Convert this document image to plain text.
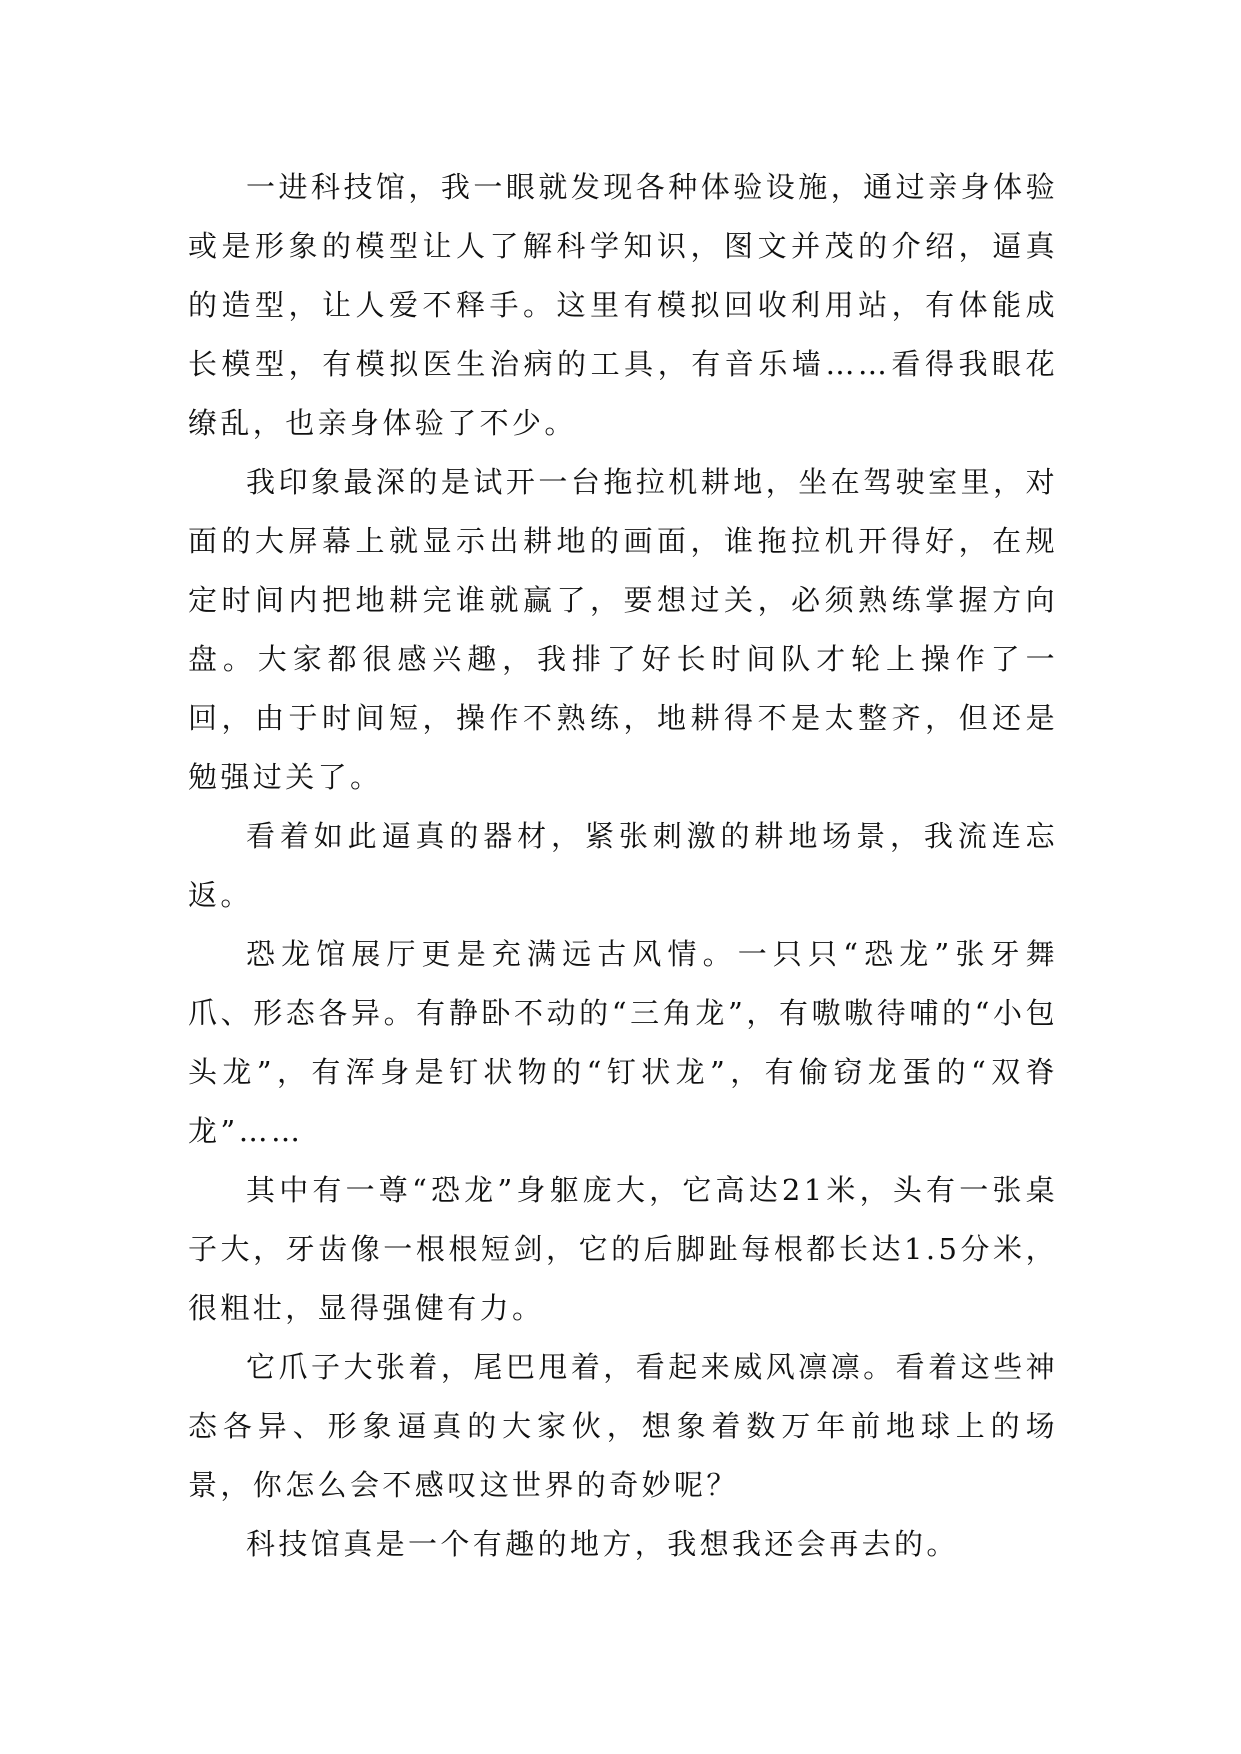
一进科技馆，我一眼就发现各种体验设施，通过亲身体验或是形象的模型让人了解科学知识，图文并茂的介绍，逼真的造型，让人爱不释手。这里有模拟回收利用站，有体能成长模型，有模拟医生治病的工具，有音乐墙……看得我眼花缭乱，也亲身体验了不少。

我印象最深的是试开一台拖拉机耕地，坐在驾驶室里，对面的大屏幕上就显示出耕地的画面，谁拖拉机开得好，在规定时间内把地耕完谁就赢了，要想过关，必须熟练掌握方向盘。大家都很感兴趣，我排了好长时间队才轮上操作了一回，由于时间短，操作不熟练，地耕得不是太整齐，但还是勉强过关了。

看着如此逼真的器材，紧张刺激的耕地场景，我流连忘返。

恐龙馆展厅更是充满远古风情。一只只“恐龙”张牙舞爪、形态各异。有静卧不动的“三角龙”，有嗷嗷待哺的“小包头龙”，有浑身是钉状物的“钉状龙”，有偷窃龙蛋的“双脊龙”……

其中有一尊“恐龙”身躯庞大，它高达21米，头有一张桌子大，牙齿像一根根短剑，它的后脚趾每根都长达1.5分米，很粗壮，显得强健有力。

它爪子大张着，尾巴甩着，看起来威风凛凛。看着这些神态各异、形象逼真的大家伙，想象着数万年前地球上的场景，你怎么会不感叹这世界的奇妙呢？

科技馆真是一个有趣的地方，我想我还会再去的。
